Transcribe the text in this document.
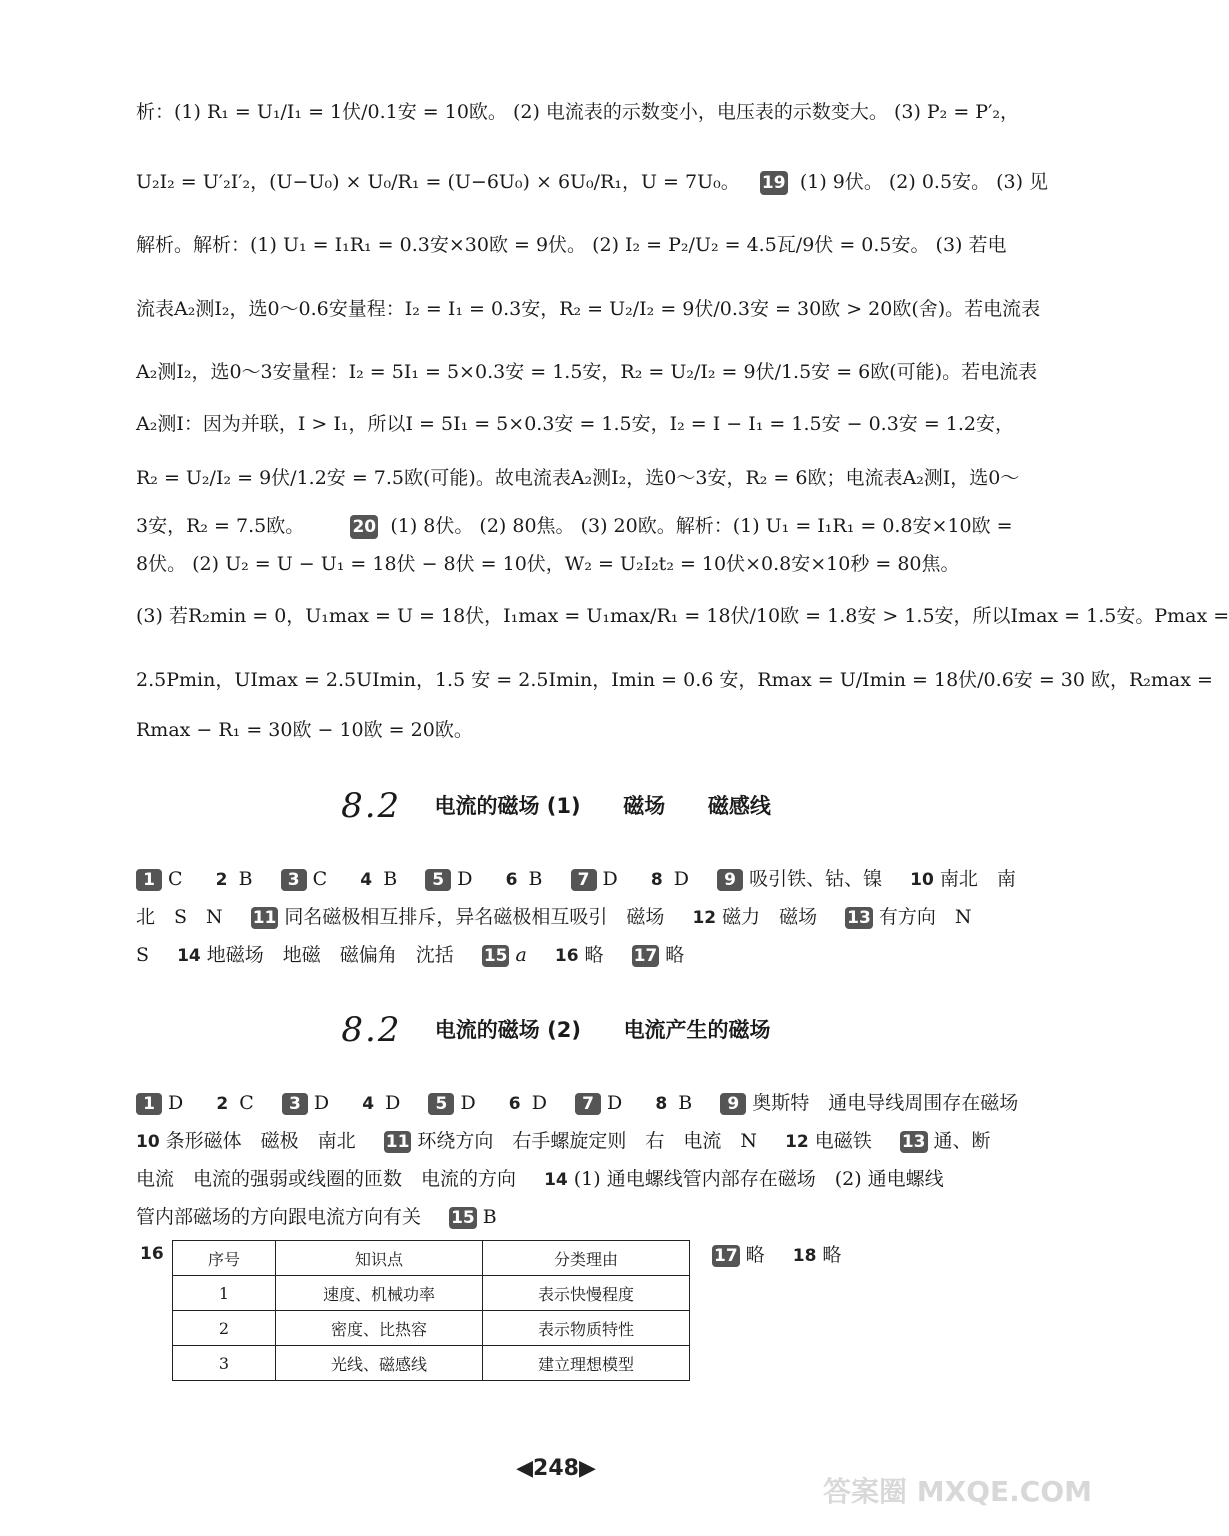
析：(1) R₁ = U₁/I₁ = 1伏/0.1安 = 10欧。 (2) 电流表的示数变小，电压表的示数变大。 (3) P₂ = P′₂，
U₂I₂ = U′₂I′₂，(U−U₀) × U₀/R₁ = (U−6U₀) × 6U₀/R₁，U = 7U₀。 19 (1) 9伏。 (2) 0.5安。 (3) 见
解析。解析：(1) U₁ = I₁R₁ = 0.3安×30欧 = 9伏。 (2) I₂ = P₂/U₂ = 4.5瓦/9伏 = 0.5安。 (3) 若电
流表A₂测I₂，选0～0.6安量程：I₂ = I₁ = 0.3安，R₂ = U₂/I₂ = 9伏/0.3安 = 30欧 > 20欧(舍)。若电流表
A₂测I₂，选0～3安量程：I₂ = 5I₁ = 5×0.3安 = 1.5安，R₂ = U₂/I₂ = 9伏/1.5安 = 6欧(可能)。若电流表
A₂测I：因为并联，I > I₁，所以I = 5I₁ = 5×0.3安 = 1.5安，I₂ = I − I₁ = 1.5安 − 0.3安 = 1.2安，
R₂ = U₂/I₂ = 9伏/1.2安 = 7.5欧(可能)。故电流表A₂测I₂，选0～3安，R₂ = 6欧；电流表A₂测I，选0～
3安，R₂ = 7.5欧。	20 (1) 8伏。 (2) 80焦。 (3) 20欧。解析：(1) U₁ = I₁R₁ = 0.8安×10欧 =
8伏。 (2) U₂ = U − U₁ = 18伏 − 8伏 = 10伏，W₂ = U₂I₂t₂ = 10伏×0.8安×10秒 = 80焦。
(3) 若R₂min = 0，U₁max = U = 18伏，I₁max = U₁max/R₁ = 18伏/10欧 = 1.8安 > 1.5安，所以Imax = 1.5安。Pmax =
2.5Pmin，UImax = 2.5UImin，1.5 安 = 2.5Imin，Imin = 0.6 安，Rmax = U/Imin = 18伏/0.6安 = 30 欧，R₂max =
Rmax − R₁ = 30欧 − 10欧 = 20欧。
8.2 电流的磁场 (1) 磁场 磁感线
1 C 2 B 3 C 4 B 5 D 6 B 7 D 8 D 9 吸引铁、钴、镍 10 南北　南
北　S　N 11 同名磁极相互排斥，异名磁极相互吸引　磁场 12 磁力　磁场 13 有方向　N
S 14 地磁场　地磁　磁偏角　沈括 15 a 16 略 17 略
8.2 电流的磁场 (2) 电流产生的磁场
1 D 2 C 3 D 4 D 5 D 6 D 7 D 8 B 9 奥斯特　通电导线周围存在磁场
10 条形磁体　磁极　南北 11 环绕方向　右手螺旋定则　右　电流　N 12 电磁铁 13 通、断
电流　电流的强弱或线圈的匝数　电流的方向 14 (1) 通电螺线管内部存在磁场　(2) 通电螺线
管内部磁场的方向跟电流方向有关 15 B
16	序号	知识点	分类理由
1	速度、机械功率	表示快慢程度
2	密度、比热容	表示物质特性
3	光线、磁感线	建立理想模型
17 略 18 略
◀248▶
答案圈 MXQE.COM
